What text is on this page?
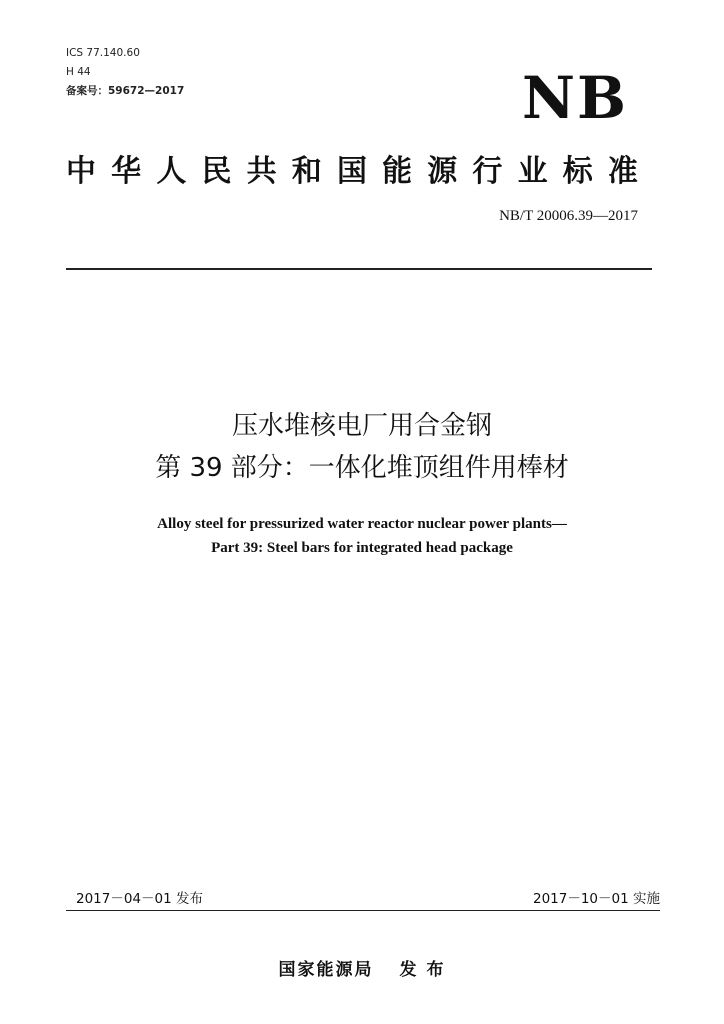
ICS 77.140.60
H 44
备案号：59672—2017	NB
中 华 人 民 共 和 国 能 源 行 业 标 准
NB/T 20006.39—2017
压水堆核电厂用合金钢
第 39 部分：一体化堆顶组件用棒材
Alloy steel for pressurized water reactor nuclear power plants—
Part 39: Steel bars for integrated head package
2017－04－01 发布	2017－10－01 实施
国家能源局 发 布
